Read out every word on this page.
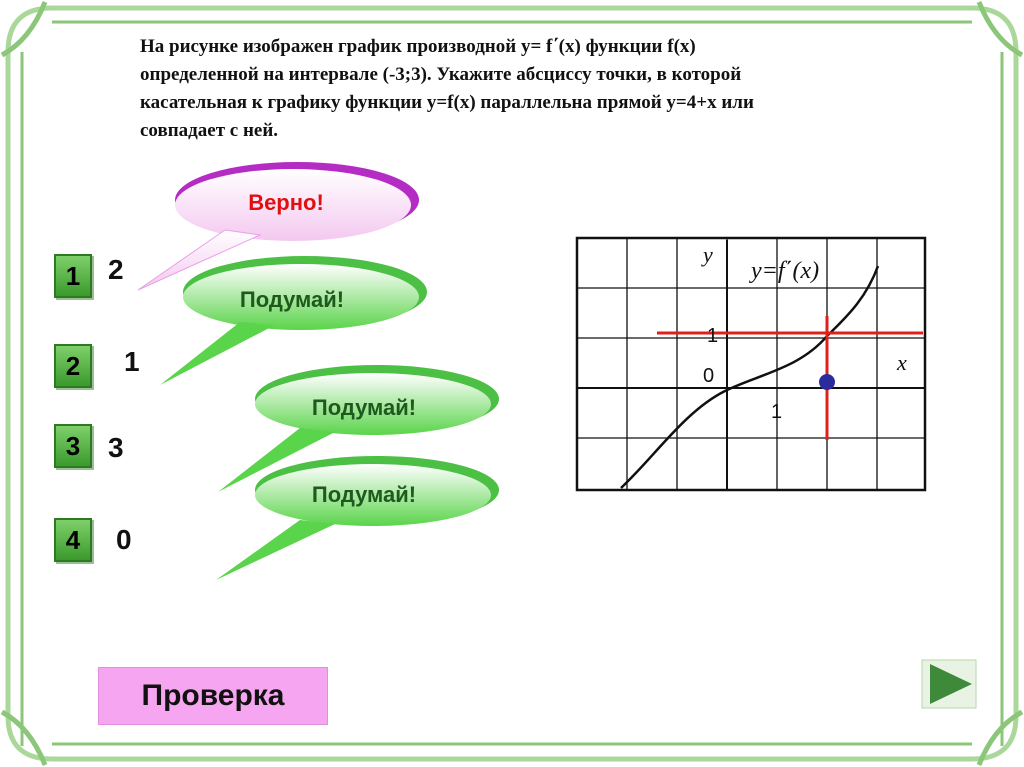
На рисунке изображен график производной y= f΄(x) функции f(x)
определенной на интервале (-3;3). Укажите абсциссу точки, в которой
касательная к графику функции y=f(x) параллельна прямой y=4+x или
совпадает с ней.
Верно!
Подумай!
Подумай!
Подумай!
1
2
3
4
2
1
3
0
y
x
y=f΄(x)
1
0
1
Проверка
